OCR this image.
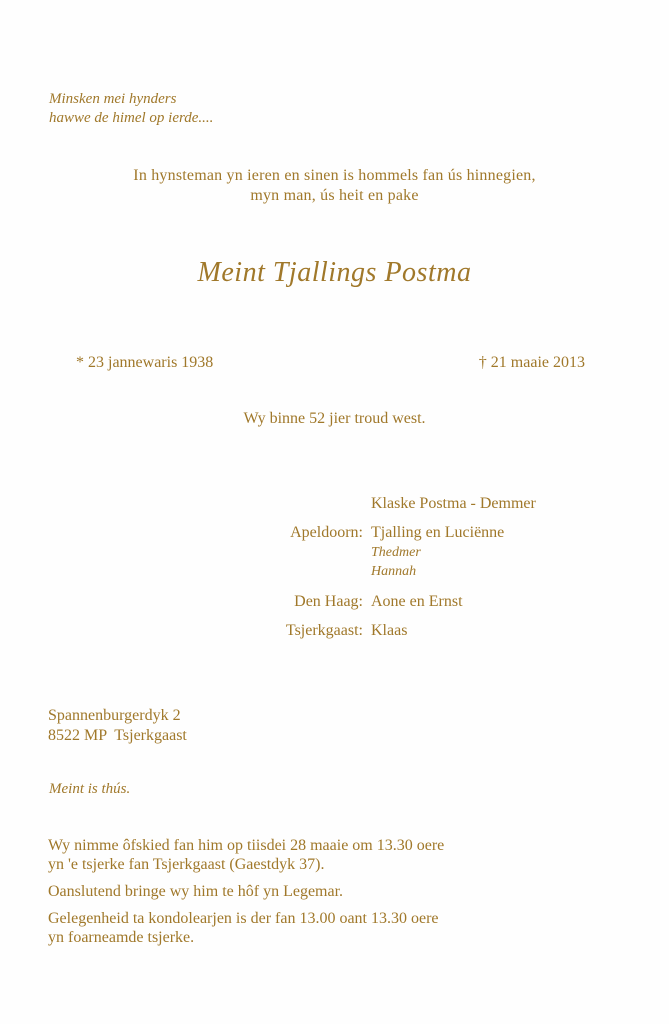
Minsken mei hynders
hawwe de himel op ierde....
In hynsteman yn ieren en sinen is hommels fan ús hinnegien,
myn man, ús heit en pake
Meint Tjallings Postma
* 23 jannewaris 1938	† 21 maaie 2013
Wy binne 52 jier troud west.
Klaske Postma - Demmer
Apeldoorn: Tjalling en Luciënne
Thedmer
Hannah
Den Haag: Aone en Ernst
Tsjerkgaast: Klaas
Spannenburgerdyk 2
8522 MP  Tsjerkgaast
Meint is thús.

Wy nimme ôfskied fan him op tiisdei 28 maaie om 13.30 oere
yn 'e tsjerke fan Tsjerkgaast (Gaestdyk 37).

Oanslutend bringe wy him te hôf yn Legemar.

Gelegenheid ta kondolearjen is der fan 13.00 oant 13.30 oere
yn foarneamde tsjerke.
